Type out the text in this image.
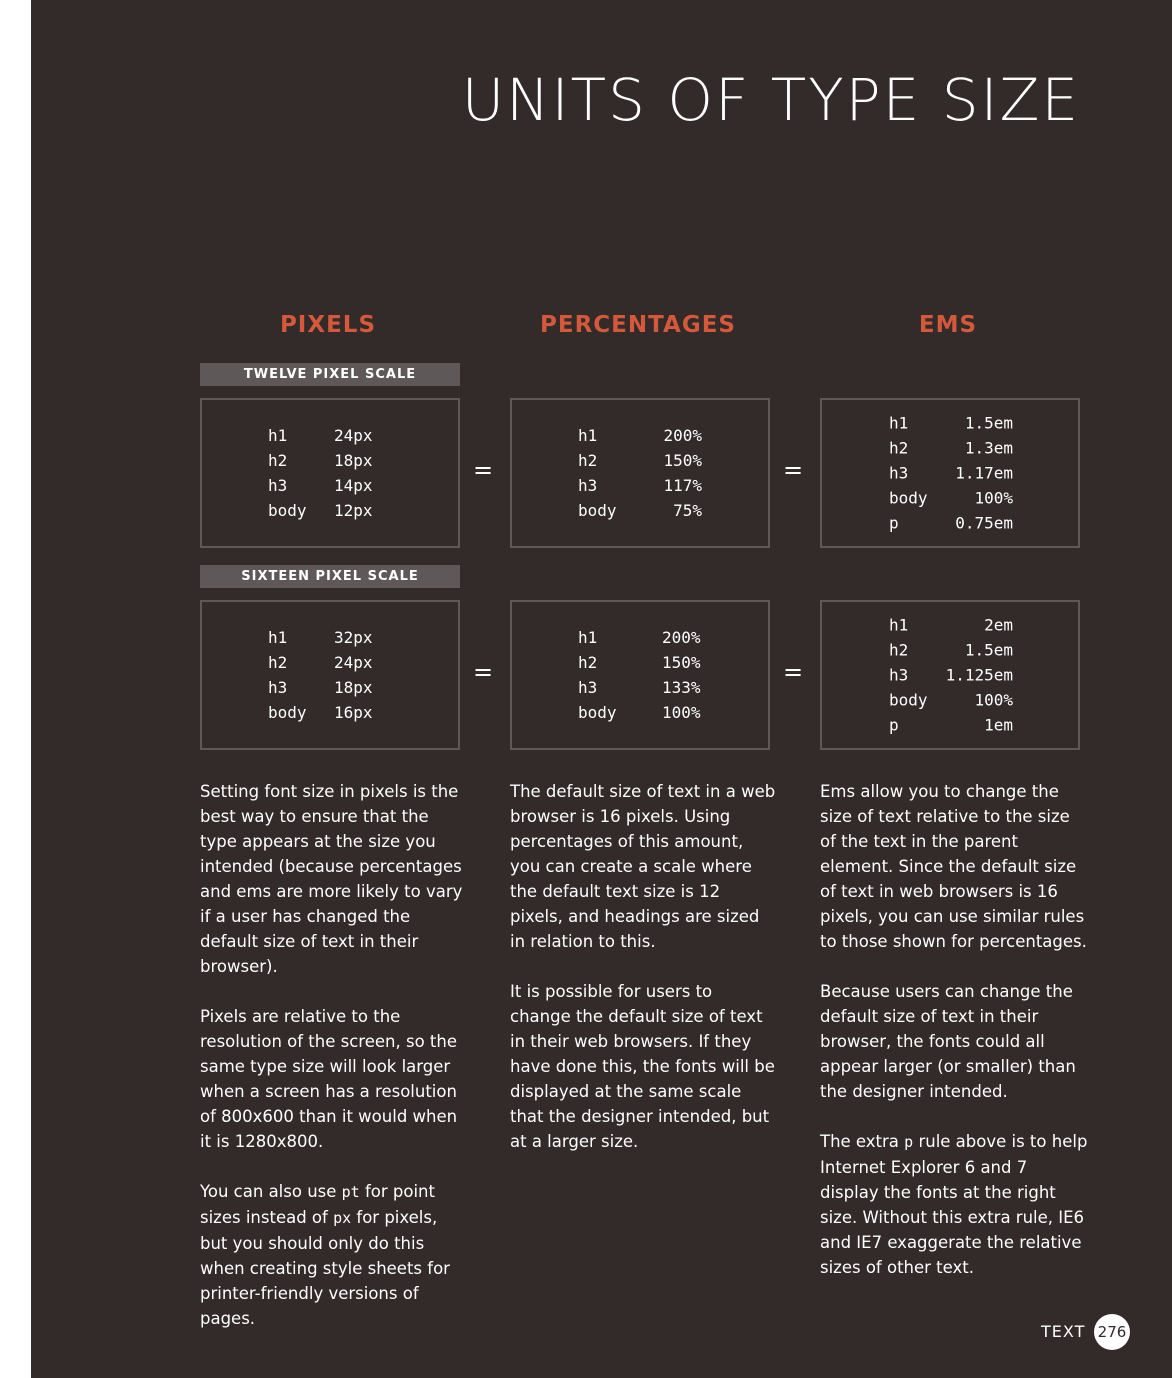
UNITS OF TYPE SIZE
PIXELS	PERCENTAGES	EMS
TWELVE PIXEL SCALE
SIXTEEN PIXEL SCALE
h1	24px
h2	18px
h3	14px
body 12px
=
h1	200%
h2	150%
h3	117%
body	75%
=
h1	1.5em
h2	1.3em
h3	1.17em
body	100%
p	0.75em
h1	32px
h2	24px
h3	18px
body 16px
=
h1	200%
h2	150%
h3	133%
body	100%
=
h1	2em
h2	1.5em
h3 1.125em
body	100%
p	1em

Setting font size in pixels is the best way to ensure that the type appears at the size you intended (because percentages and ems are more likely to vary if a user has changed the default size of text in their browser).

Pixels are relative to the resolution of the screen, so the same type size will look larger when a screen has a resolution of 800x600 than it would when it is 1280x800.

You can also use pt for point sizes instead of px for pixels, but you should only do this when creating style sheets for printer-friendly versions of pages.

The default size of text in a web browser is 16 pixels. Using percentages of this amount, you can create a scale where the default text size is 12 pixels, and headings are sized in relation to this.

It is possible for users to change the default size of text in their web browsers. If they have done this, the fonts will be displayed at the same scale that the designer intended, but at a larger size.

Ems allow you to change the size of text relative to the size of the text in the parent element. Since the default size of text in web browsers is 16 pixels, you can use similar rules to those shown for percentages.

Because users can change the default size of text in their browser, the fonts could all appear larger (or smaller) than the designer intended.

The extra p rule above is to help Internet Explorer 6 and 7 display the fonts at the right size. Without this extra rule, IE6 and IE7 exaggerate the relative sizes of other text.

TEXT 276
